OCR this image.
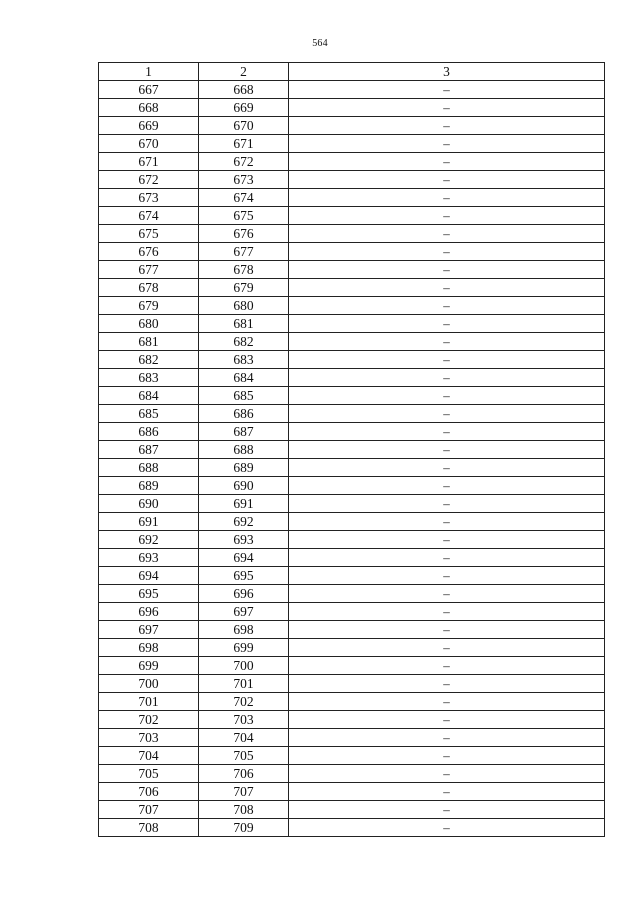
564
1	2	3
667	668	–
668	669	–
669	670	–
670	671	–
671	672	–
672	673	–
673	674	–
674	675	–
675	676	–
676	677	–
677	678	–
678	679	–
679	680	–
680	681	–
681	682	–
682	683	–
683	684	–
684	685	–
685	686	–
686	687	–
687	688	–
688	689	–
689	690	–
690	691	–
691	692	–
692	693	–
693	694	–
694	695	–
695	696	–
696	697	–
697	698	–
698	699	–
699	700	–
700	701	–
701	702	–
702	703	–
703	704	–
704	705	–
705	706	–
706	707	–
707	708	–
708	709	–
